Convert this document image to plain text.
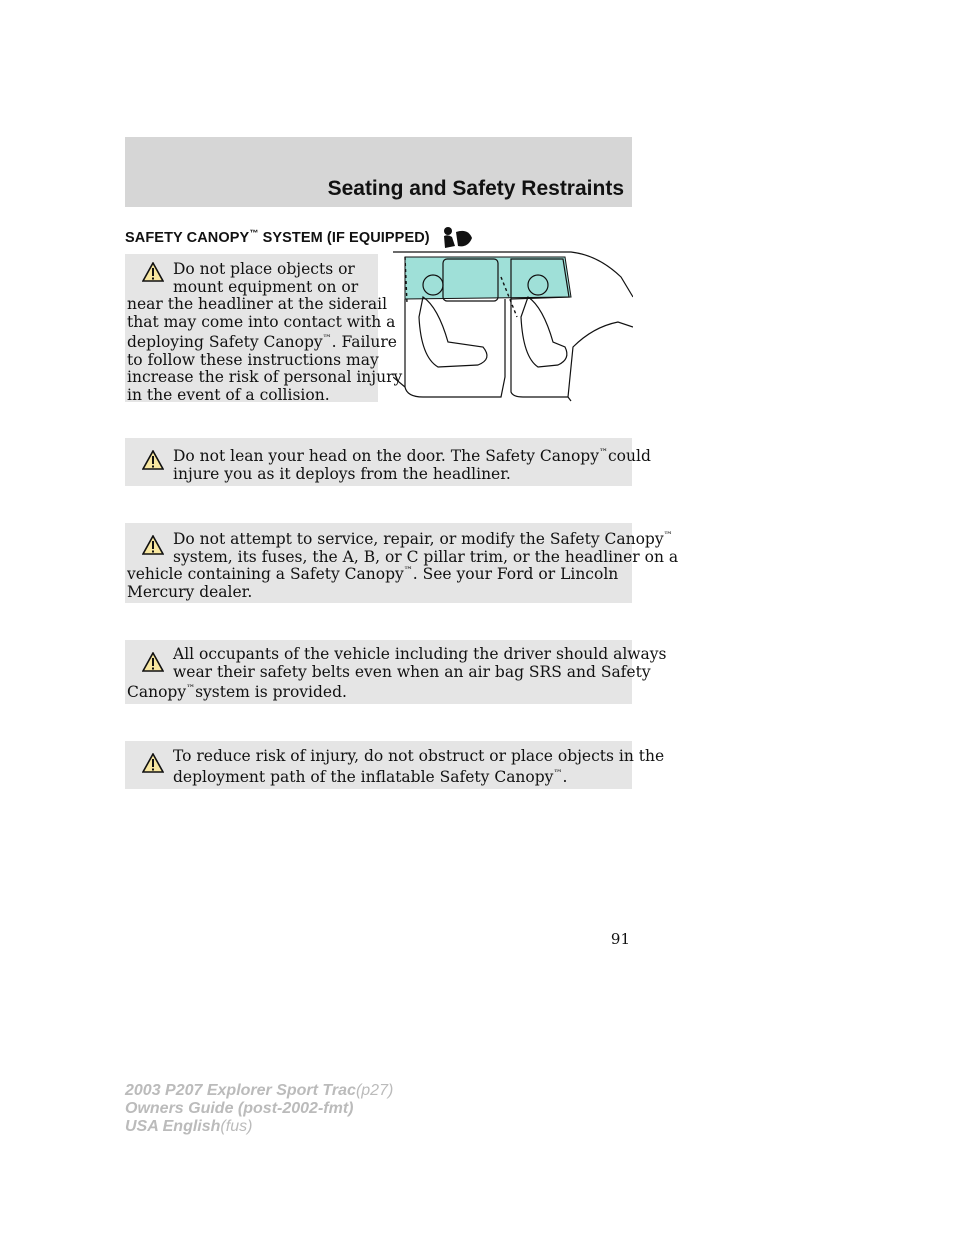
Seating and Safety Restraints
SAFETY CANOPY™ SYSTEM (IF EQUIPPED)
Do not place objects or
mount equipment on or
near the headliner at the siderail
that may come into contact with a
deploying Safety Canopy™. Failure
to follow these instructions may
increase the risk of personal injury
in the event of a collision.
Do not lean your head on the door. The Safety Canopy™could
injure you as it deploys from the headliner.
Do not attempt to service, repair, or modify the Safety Canopy™
system, its fuses, the A, B, or C pillar trim, or the headliner on a
vehicle containing a Safety Canopy™. See your Ford or Lincoln
Mercury dealer.
All occupants of the vehicle including the driver should always
wear their safety belts even when an air bag SRS and Safety
Canopy™system is provided.
To reduce risk of injury, do not obstruct or place objects in the
deployment path of the inflatable Safety Canopy™.
91
2003 P207 Explorer Sport Trac(p27)
Owners Guide (post-2002-fmt)
USA English(fus)
